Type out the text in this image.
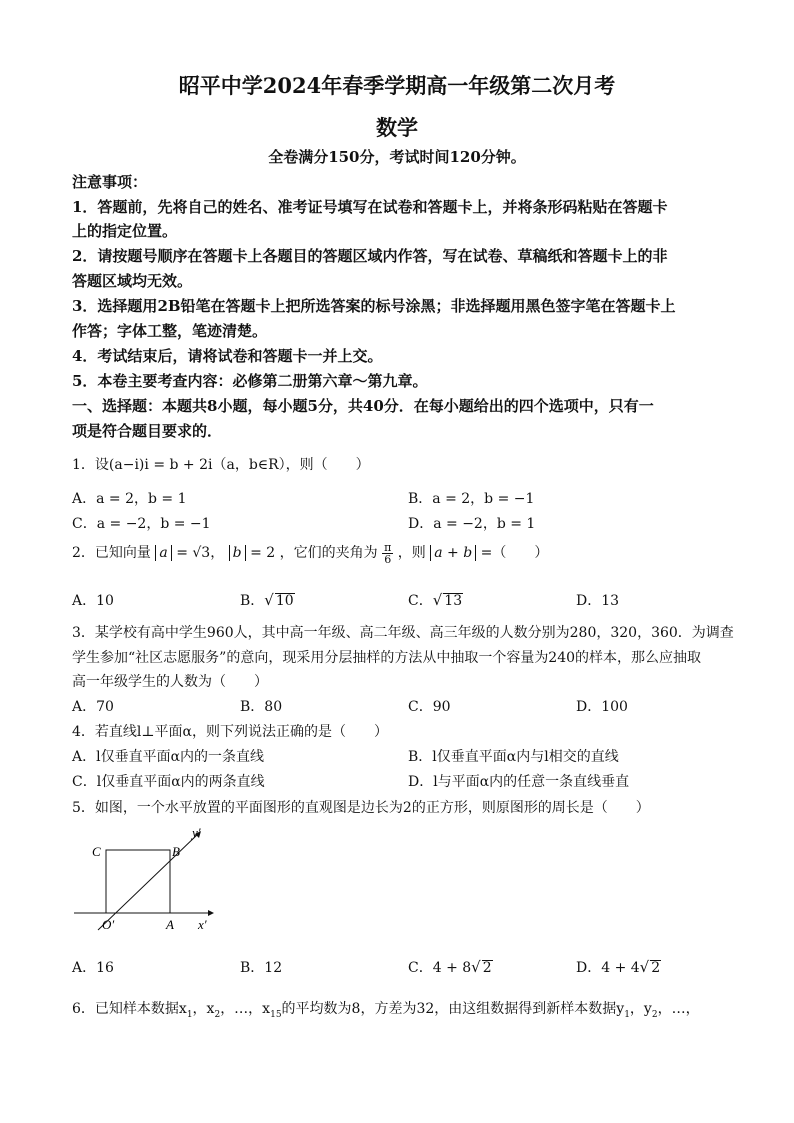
昭平中学2024年春季学期高一年级第二次月考
数学
全卷满分150分，考试时间120分钟。
注意事项：
1．答题前，先将自己的姓名、准考证号填写在试卷和答题卡上，并将条形码粘贴在答题卡
上的指定位置。
2．请按题号顺序在答题卡上各题目的答题区域内作答，写在试卷、草稿纸和答题卡上的非
答题区域均无效。
3．选择题用2B铅笔在答题卡上把所选答案的标号涂黑；非选择题用黑色签字笔在答题卡上
作答；字体工整，笔迹清楚。
4．考试结束后，请将试卷和答题卡一并上交。
5．本卷主要考查内容：必修第二册第六章～第九章。
一、选择题：本题共8小题，每小题5分，共40分．在每小题给出的四个选项中，只有一
项是符合题目要求的．
1．设(a−i)i = b + 2i（a，b∈R），则（　　）
A．a = 2，b = 1	B．a = 2，b = −1
C．a = −2，b = −1	D．a = −2，b = 1
2．已知向量 a = √3， b = 2 ，它们的夹角为 $\frac{\pi}{6}$ ，则 a + b =（　　）
A．10	B．√ 10	C．√ 13	D．13
3．某学校有高中学生960人，其中高一年级、高二年级、高三年级的人数分别为280，320，360．为调查
学生参加“社区志愿服务”的意向，现采用分层抽样的方法从中抽取一个容量为240的样本，那么应抽取
高一年级学生的人数为（　　）
A．70	B．80	C．90	D．100
4．若直线l⊥平面α，则下列说法正确的是（　　）
A．l仅垂直平面α内的一条直线	B．l仅垂直平面α内与l相交的直线
C．l仅垂直平面α内的两条直线	D．l与平面α内的任意一条直线垂直
5．如图，一个水平放置的平面图形的直观图是边长为2的正方形，则原图形的周长是（　　）
C	B
O′	A x′
y′
A．16	B．12	C．4 + 8√ 2	D．4 + 4√ 2
6．已知样本数据$x_1$，$x_2$，…，$x_{15}$的平均数为8，方差为32，由这组数据得到新样本数据$y_1$，$y_2$，…，
